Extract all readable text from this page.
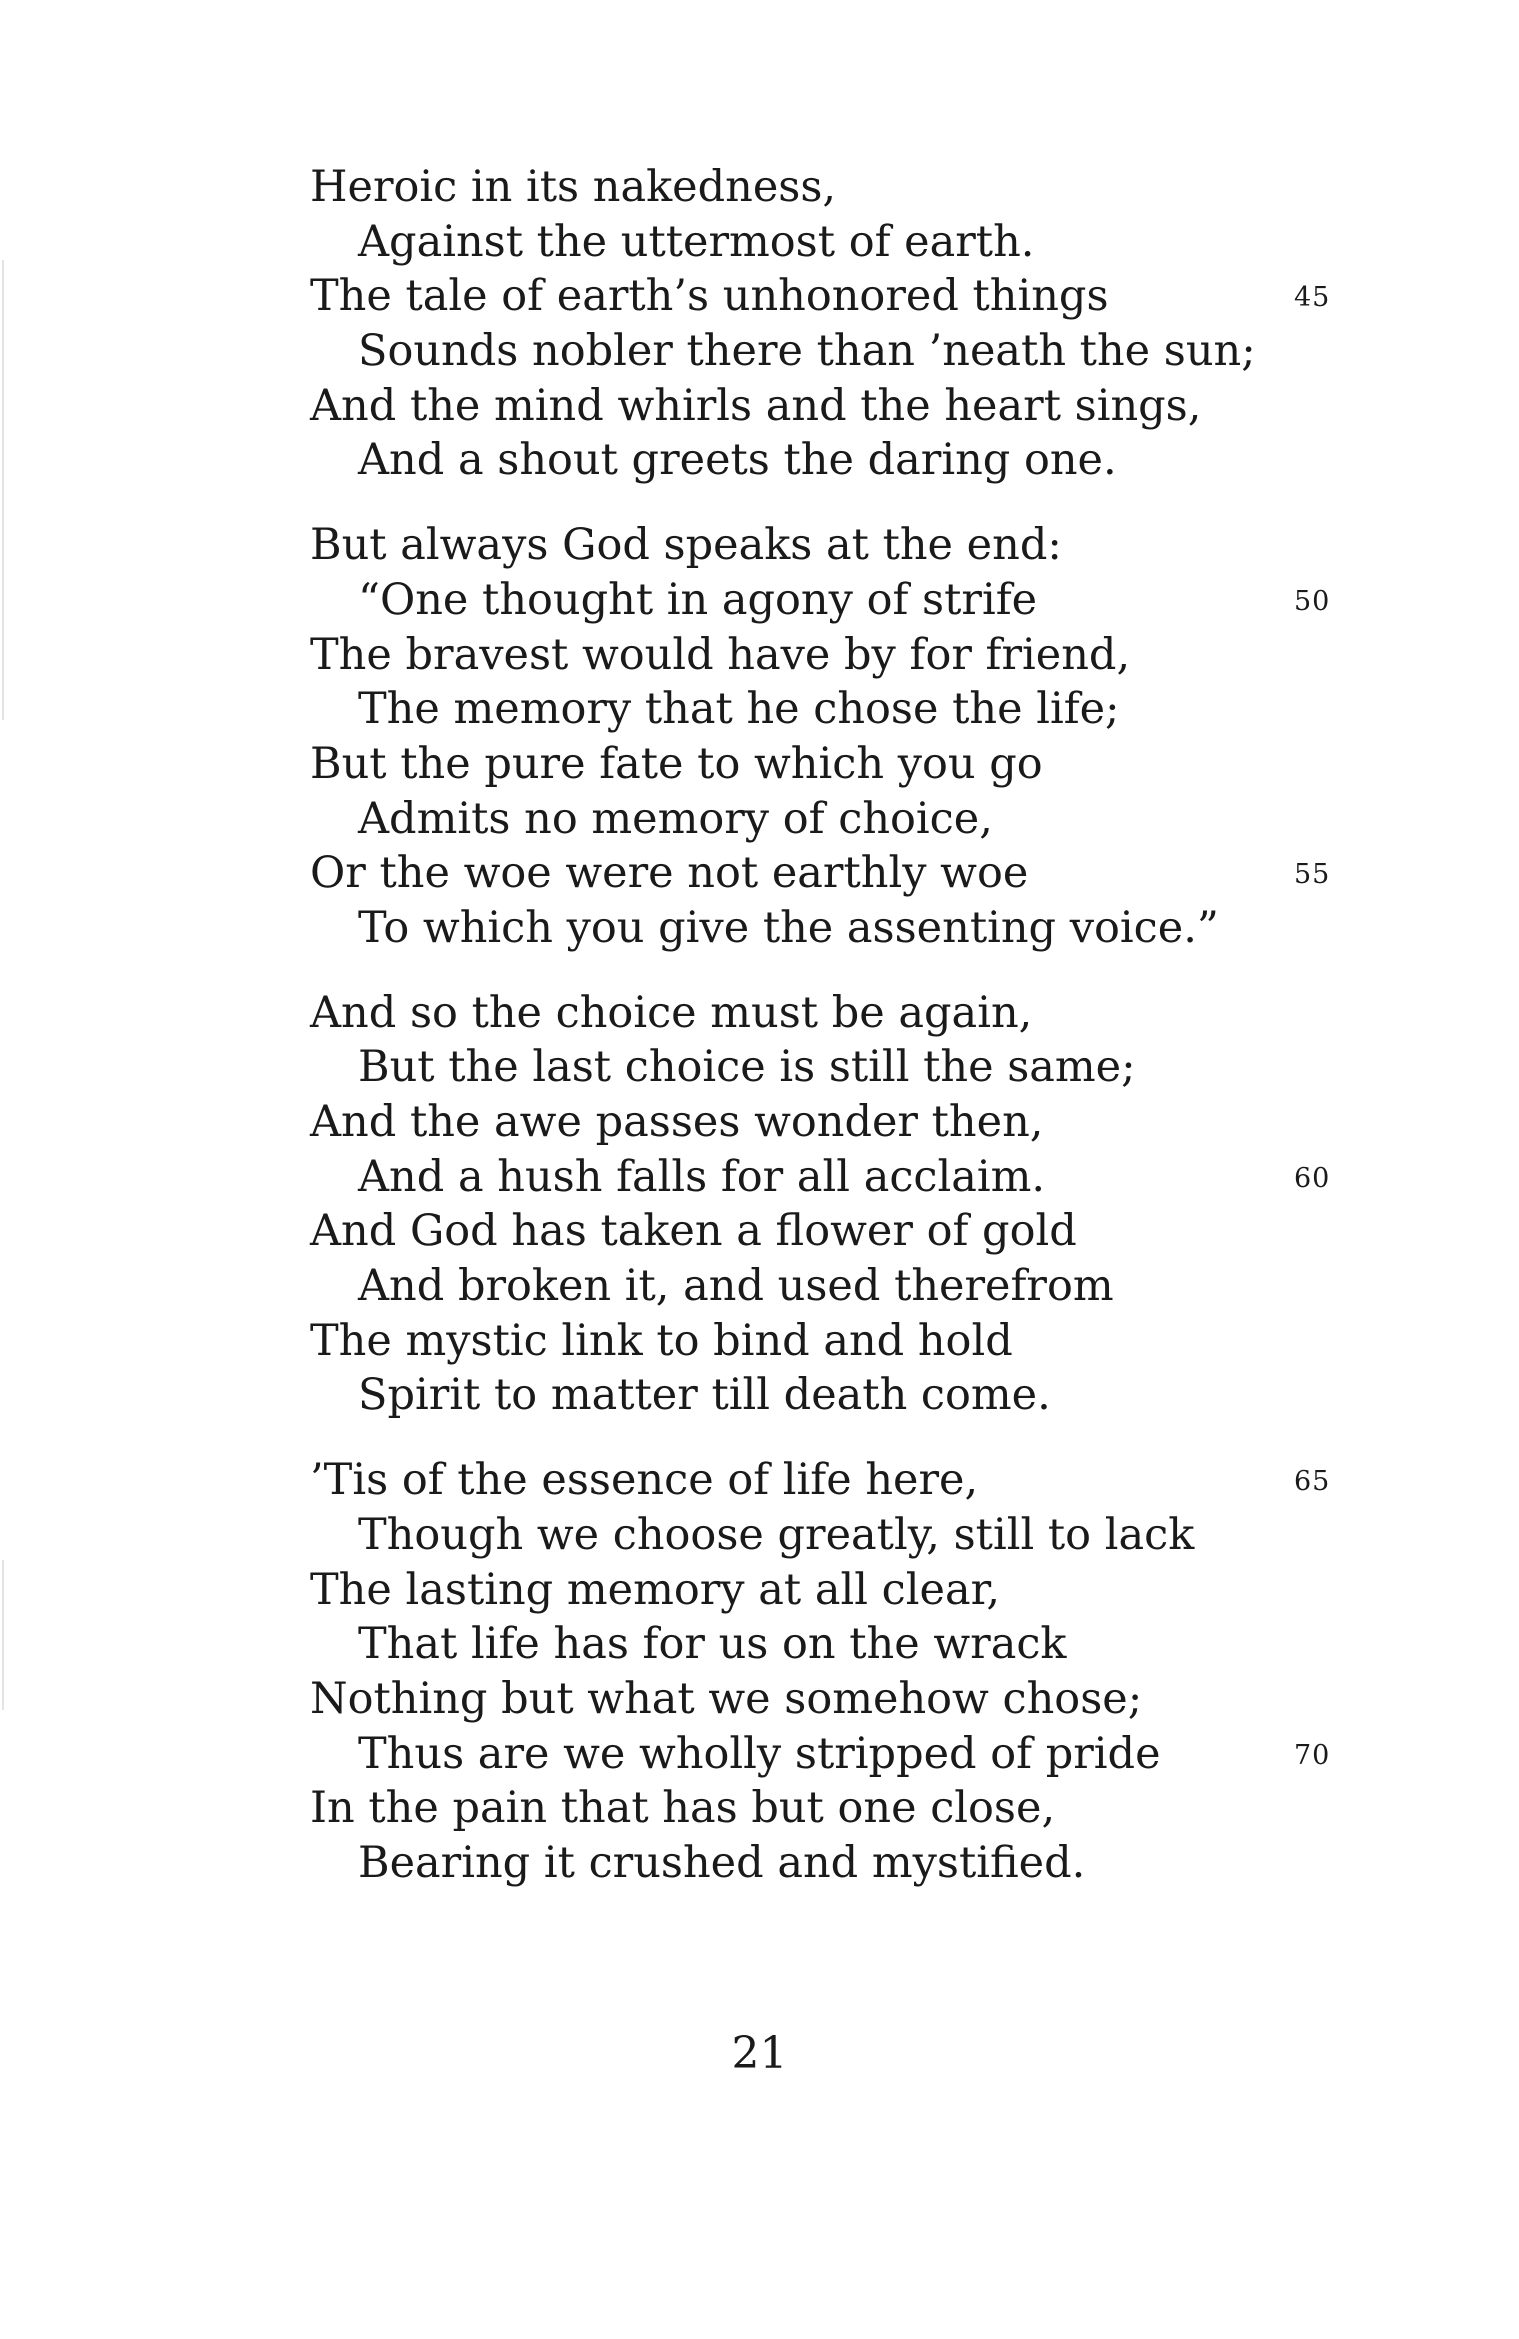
Heroic in its nakedness,
Against the uttermost of earth.
The tale of earth’s unhonored things	45
Sounds nobler there than ’neath the sun;
And the mind whirls and the heart sings,
And a shout greets the daring one.
But always God speaks at the end:
“One thought in agony of strife	50
The bravest would have by for friend,
The memory that he chose the life;
But the pure fate to which you go
Admits no memory of choice,
Or the woe were not earthly woe	55
To which you give the assenting voice.”
And so the choice must be again,
But the last choice is still the same;
And the awe passes wonder then,
And a hush falls for all acclaim.	60
And God has taken a flower of gold
And broken it, and used therefrom
The mystic link to bind and hold
Spirit to matter till death come.
’Tis of the essence of life here,	65
Though we choose greatly, still to lack
The lasting memory at all clear,
That life has for us on the wrack
Nothing but what we somehow chose;
Thus are we wholly stripped of pride	70
In the pain that has but one close,
Bearing it crushed and mystified.
21
